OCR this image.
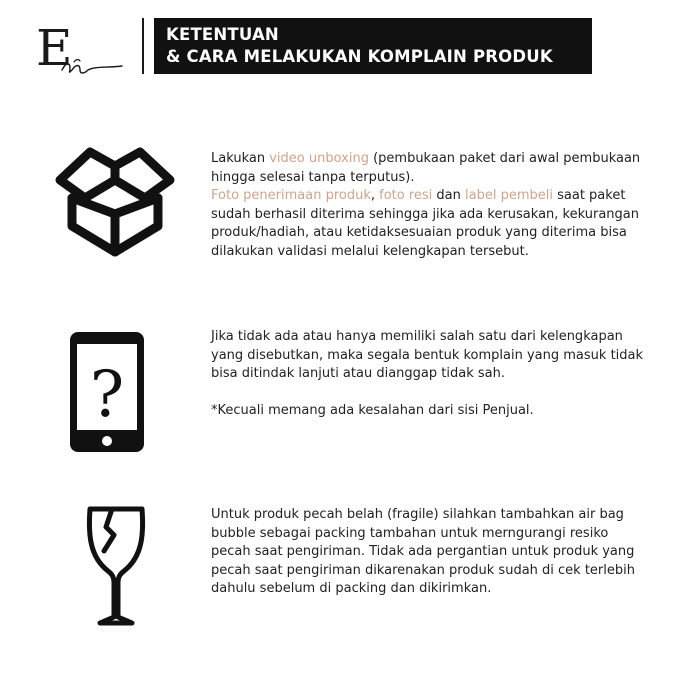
E	KETENTUAN
& CARA MELAKUKAN KOMPLAIN PRODUK

Lakukan video unboxing (pembukaan paket dari awal pembukaan hingga selesai tanpa terputus).

Foto penerimaan produk, foto resi dan label pembeli saat paket sudah berhasil diterima sehingga jika ada kerusakan, kekurangan produk/hadiah, atau ketidaksesuaian produk yang diterima bisa dilakukan validasi melalui kelengkapan tersebut.

?

Jika tidak ada atau hanya memiliki salah satu dari kelengkapan yang disebutkan, maka segala bentuk komplain yang masuk tidak bisa ditindak lanjuti atau dianggap tidak sah.

*Kecuali memang ada kesalahan dari sisi Penjual.

Untuk produk pecah belah (fragile) silahkan tambahkan air bag bubble sebagai packing tambahan untuk merngurangi resiko pecah saat pengiriman. Tidak ada pergantian untuk produk yang pecah saat pengiriman dikarenakan produk sudah di cek terlebih dahulu sebelum di packing dan dikirimkan.
